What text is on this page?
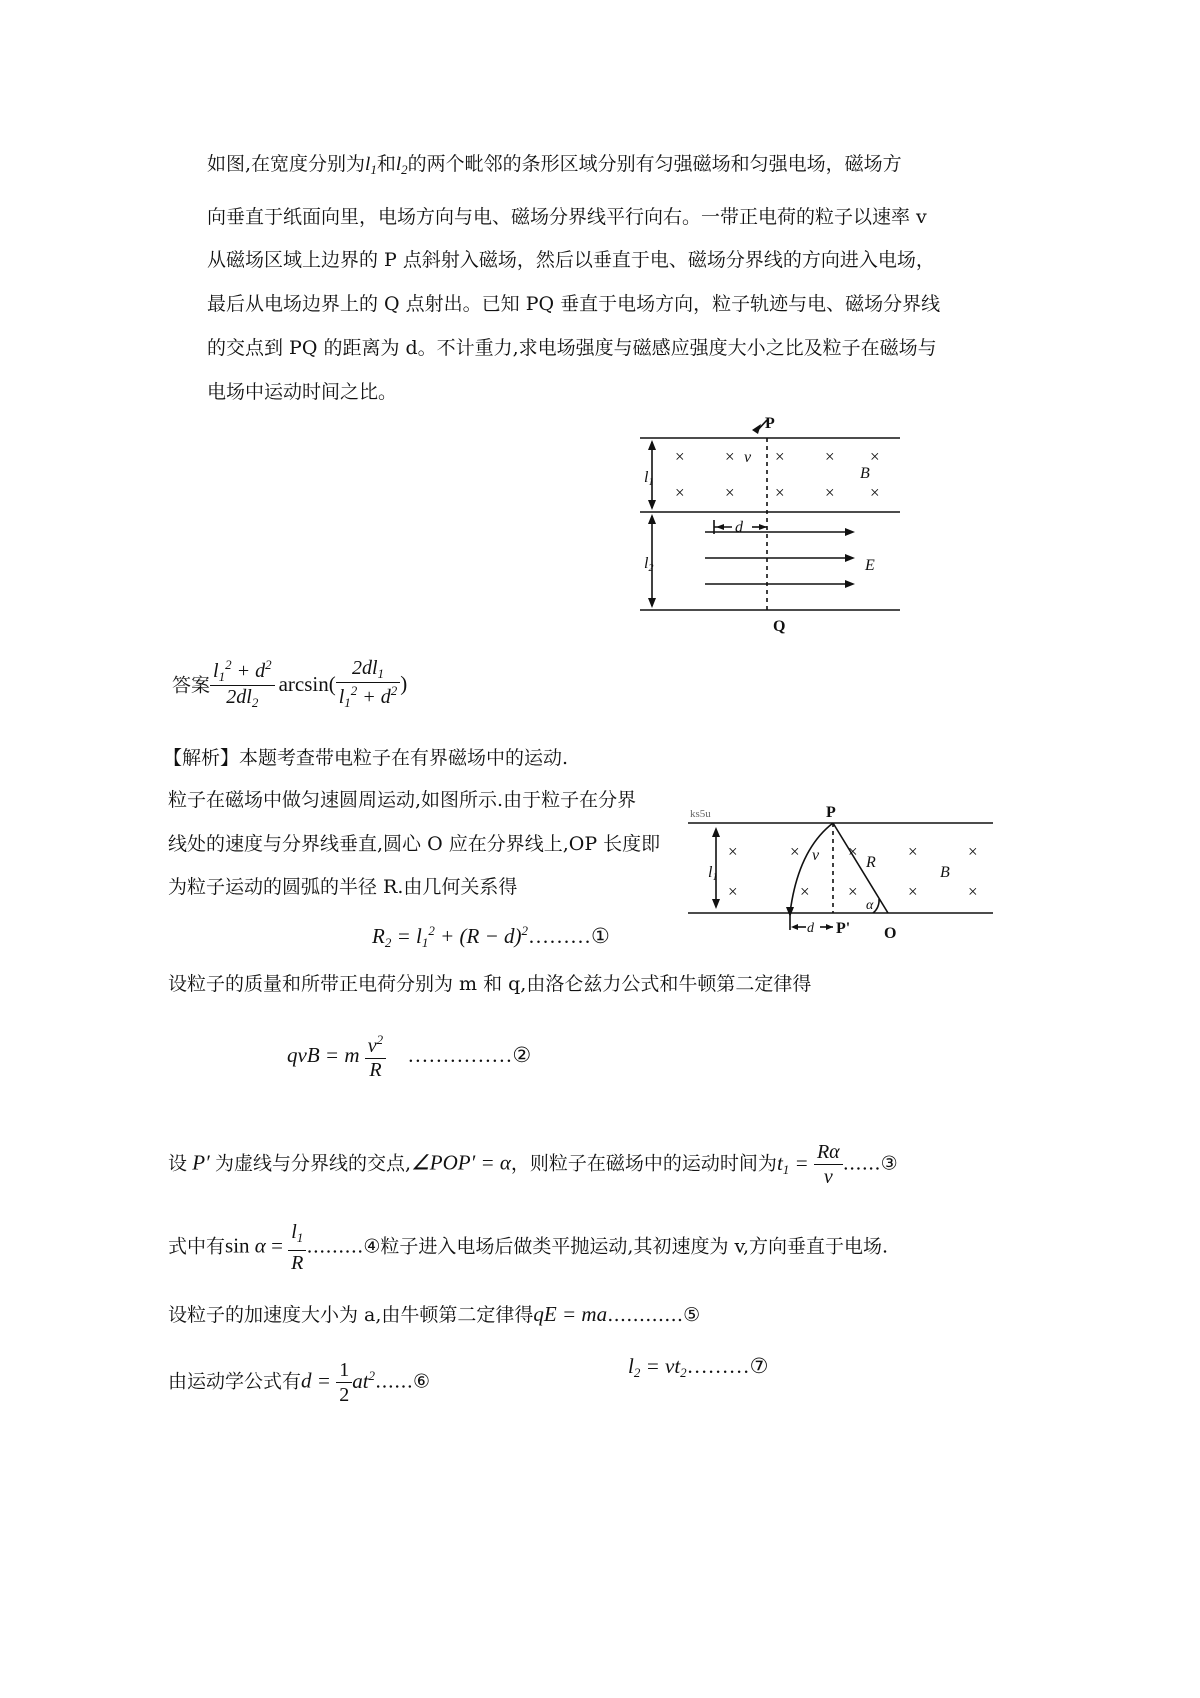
如图,在宽度分别为$l_1$和$l_2$的两个毗邻的条形区域分别有匀强磁场和匀强电场，磁场方
向垂直于纸面向里，电场方向与电、磁场分界线平行向右。一带正电荷的粒子以速率 v
从磁场区域上边界的 P 点斜射入磁场，然后以垂直于电、磁场分界线的方向进入电场，
最后从电场边界上的 Q 点射出。已知 PQ 垂直于电场方向，粒子轨迹与电、磁场分界线
的交点到 PQ 的距离为 d。不计重力,求电场强度与磁感应强度大小之比及粒子在磁场与
电场中运动时间之比。
× × × × ×
× × × × ×
P
Q
v
B
E
d
l1
l2
答案 $\frac{l_1^2 + d^2}{2dl_2} \arcsin( \frac{2dl_1}{l_1^2 + d^2}$ )
【解析】本题考查带电粒子在有界磁场中的运动.
粒子在磁场中做匀速圆周运动,如图所示.由于粒子在分界
线处的速度与分界线垂直,圆心 O 应在分界线上,OP 长度即
为粒子运动的圆弧的半径 R.由几何关系得
$R_2 = l_1^2 + (R$ − $d)^2\dots\dots\dots ①$
×	×	×	×	×
×	× ×	×	×
ks5u	P
P' O
R
B
v
d
α
l1
设粒子的质量和所带正电荷分别为 m 和 q,由洛仑兹力公式和牛顿第二定律得
qvB = m $\frac{v^2}{R}$ ……………②
设 P′ 为虚线与分界线的交点,∠POP′ = α，则粒子在磁场中的运动时间为$t_1 = \frac{R\alpha}{v}$ ……③
式中有$\sin \alpha = \frac{l_1}{R}$ ………④粒子进入电场后做类平抛运动,其初速度为 v,方向垂直于电场.
设粒子的加速度大小为 a,由牛顿第二定律得qE = ma…………⑤
由运动学公式有$d = \frac{1}{2}$ $at^2\dots\dots ⑥$
$l_2$ = $vt_2\dots\dots\dots ⑦$
